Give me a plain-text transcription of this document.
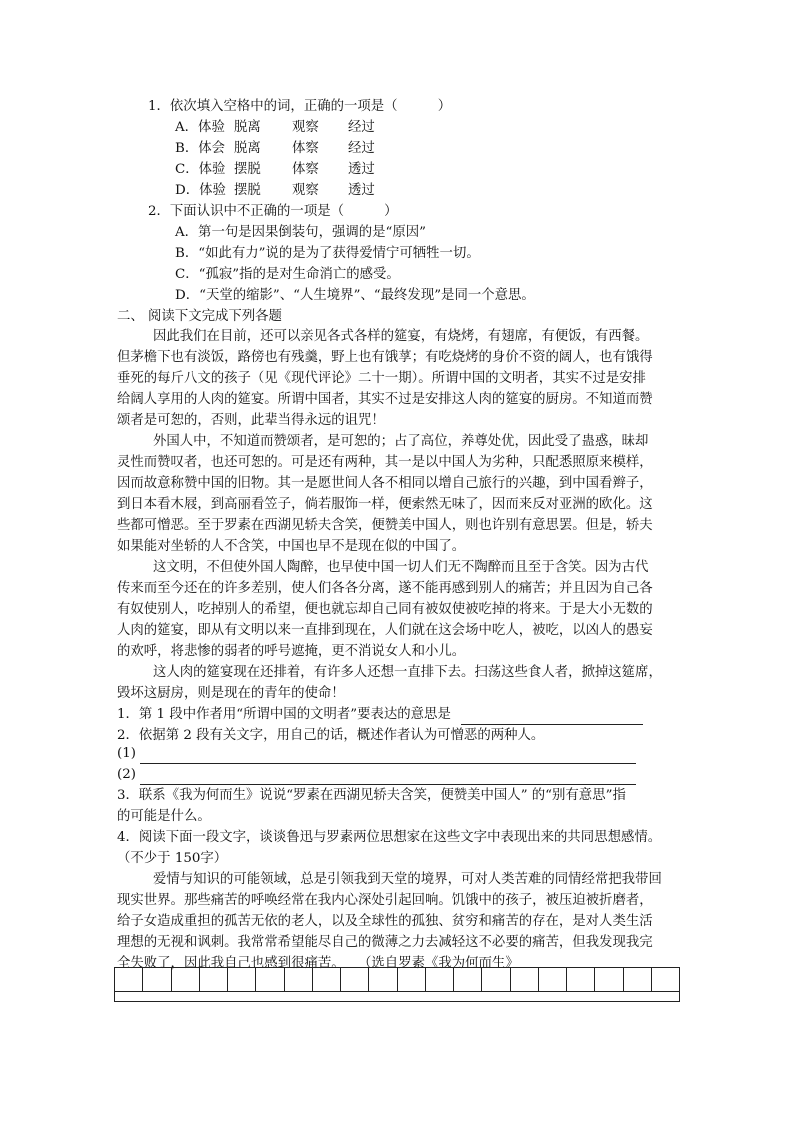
1．依次填入空格中的词，正确的一项是（　　　）
A．体验 脱离 观察 经过
B．体会 脱离 体察 经过
C．体验 摆脱 体察 透过
D．体验 摆脱 观察 透过
2．下面认识中不正确的一项是（　　　）
A．第一句是因果倒装句，强调的是“原因”
B．“如此有力”说的是为了获得爱情宁可牺牲一切。
C．“孤寂”指的是对生命消亡的感受。
D．“天堂的缩影”、“人生境界”、“最终发现”是同一个意思。
二、 阅读下文完成下列各题
因此我们在目前，还可以亲见各式各样的筵宴，有烧烤，有翅席，有便饭，有西餐。
但茅檐下也有淡饭，路傍也有残羹，野上也有饿莩；有吃烧烤的身价不资的阔人，也有饿得
垂死的每斤八文的孩子（见《现代评论》二十一期）。所谓中国的文明者，其实不过是安排
给阔人享用的人肉的筵宴。所谓中国者，其实不过是安排这人肉的筵宴的厨房。不知道而赞
颂者是可恕的，否则，此辈当得永远的诅咒！
外国人中，不知道而赞颂者，是可恕的；占了高位，养尊处优，因此受了蛊惑，昧却
灵性而赞叹者，也还可恕的。可是还有两种，其一是以中国人为劣种，只配悉照原来模样，
因而故意称赞中国的旧物。其一是愿世间人各不相同以增自己旅行的兴趣，到中国看辫子，
到日本看木屐，到高丽看笠子，倘若服饰一样，便索然无味了，因而来反对亚洲的欧化。这
些都可憎恶。至于罗素在西湖见轿夫含笑，便赞美中国人，则也许别有意思罢。但是，轿夫
如果能对坐轿的人不含笑，中国也早不是现在似的中国了。
这文明，不但使外国人陶醉，也早使中国一切人们无不陶醉而且至于含笑。因为古代
传来而至今还在的许多差别，使人们各各分离，遂不能再感到别人的痛苦；并且因为自己各
有奴使别人，吃掉别人的希望，便也就忘却自己同有被奴使被吃掉的将来。于是大小无数的
人肉的筵宴，即从有文明以来一直排到现在，人们就在这会场中吃人，被吃，以凶人的愚妄
的欢呼，将悲惨的弱者的呼号遮掩，更不消说女人和小儿。
这人肉的筵宴现在还排着，有许多人还想一直排下去。扫荡这些食人者，掀掉这筵席，
毁坏这厨房，则是现在的青年的使命！
1．第 1 段中作者用“所谓中国的文明者”要表达的意思是
2．依据第 2 段有关文字，用自己的话，概述作者认为可憎恶的两种人。
(1)
(2)
3．联系《我为何而生》说说“罗素在西湖见轿夫含笑，便赞美中国人” 的“别有意思”指
的可能是什么。
4．阅读下面一段文字，谈谈鲁迅与罗素两位思想家在这些文字中表现出来的共同思想感情。
（不少于 150字）
爱情与知识的可能领域，总是引领我到天堂的境界，可对人类苦难的同情经常把我带回
现实世界。那些痛苦的呼唤经常在我内心深处引起回响。饥饿中的孩子，被压迫被折磨者，
给子女造成重担的孤苦无依的老人，以及全球性的孤独、贫穷和痛苦的存在，是对人类生活
理想的无视和讽刺。我常常希望能尽自己的微薄之力去减轻这不必要的痛苦，但我发现我完
全失败了，因此我自己也感到很痛苦。　　（选自罗素《我为何而生》
